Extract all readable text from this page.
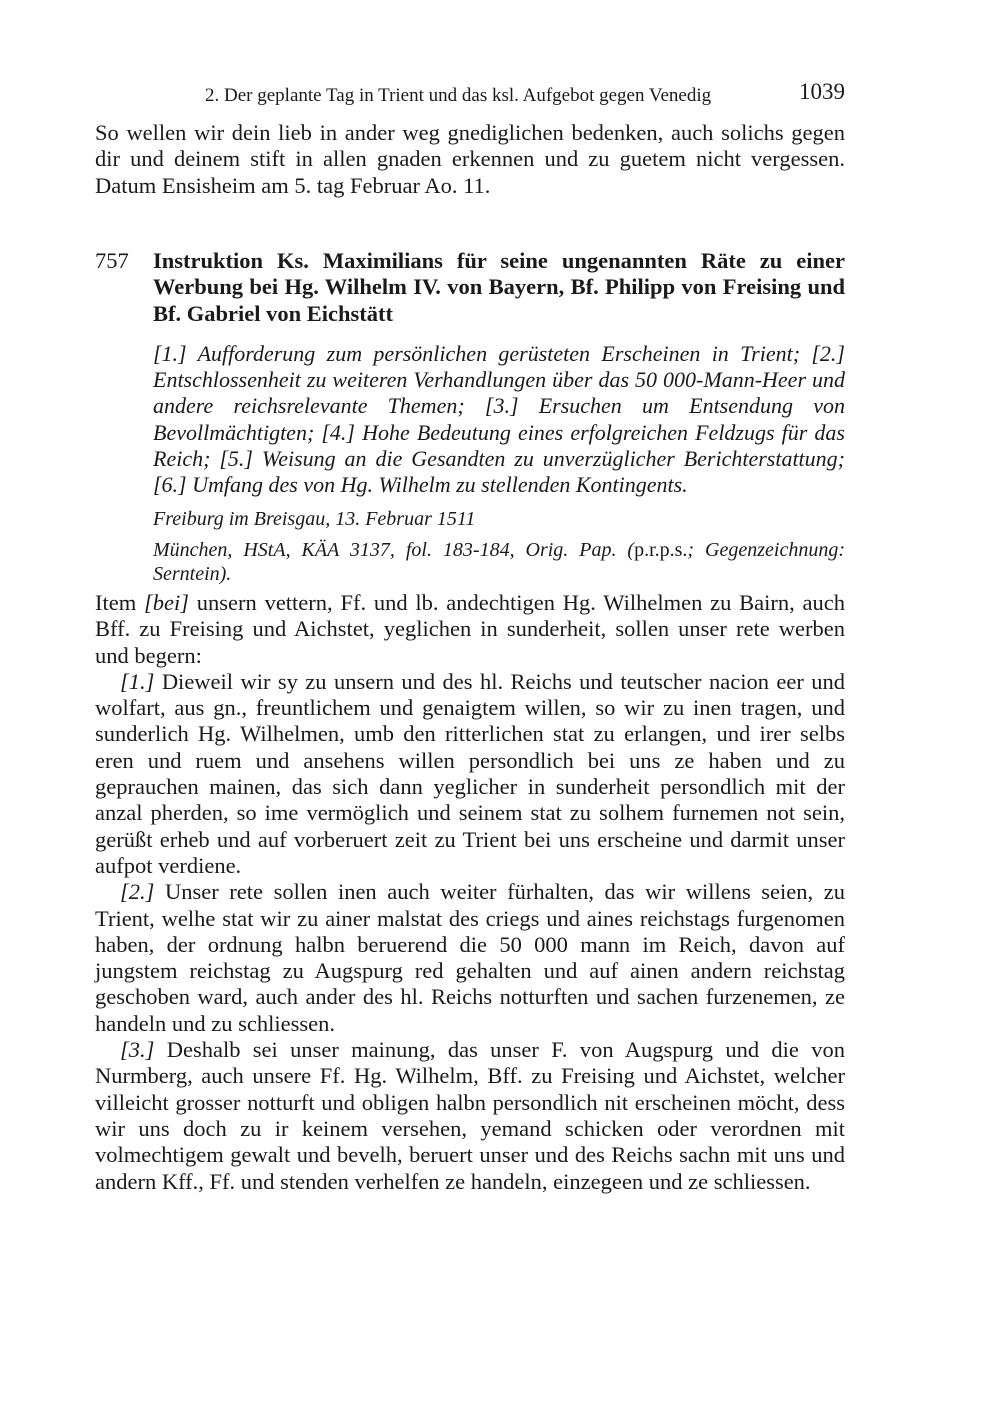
2. Der geplante Tag in Trient und das ksl. Aufgebot gegen Venedig	1039

So wellen wir dein lieb in ander weg gnediglichen bedenken, auch solichs gegen dir und deinem stift in allen gnaden erkennen und zu guetem nicht vergessen. Datum Ensisheim am 5. tag Februar Ao. 11.

757 Instruktion Ks. Maximilians für seine ungenannten Räte zu einer Werbung bei Hg. Wilhelm IV. von Bayern, Bf. Philipp von Freising und Bf. Gabriel von Eichstätt
[1.] Aufforderung zum persönlichen gerüsteten Erscheinen in Trient; [2.] Entschlossenheit zu weiteren Verhandlungen über das 50 000-Mann-Heer und andere reichsrelevante Themen; [3.] Ersuchen um Entsendung von Bevollmächtigten; [4.] Hohe Bedeutung eines erfolgreichen Feldzugs für das Reich; [5.] Weisung an die Gesandten zu unverzüglicher Berichterstattung; [6.] Umfang des von Hg. Wilhelm zu stellenden Kontingents.
Freiburg im Breisgau, 13. Februar 1511
München, HStA, KÄA 3137, fol. 183-184, Orig. Pap. (p.r.p.s.; Gegenzeichnung: Serntein).

Item [bei] unsern vettern, Ff. und lb. andechtigen Hg. Wilhelmen zu Bairn, auch Bff. zu Freising und Aichstet, yeglichen in sunderheit, sollen unser rete werben und begern:

[1.] Dieweil wir sy zu unsern und des hl. Reichs und teutscher nacion eer und wolfart, aus gn., freuntlichem und genaigtem willen, so wir zu inen tragen, und sunderlich Hg. Wilhelmen, umb den ritterlichen stat zu erlangen, und irer selbs eren und ruem und ansehens willen persondlich bei uns ze haben und zu geprauchen mainen, das sich dann yeglicher in sunderheit persondlich mit der anzal pherden, so ime vermöglich und seinem stat zu solhem furnemen not sein, gerüßt erheb und auf vorberuert zeit zu Trient bei uns erscheine und darmit unser aufpot verdiene.

[2.] Unser rete sollen inen auch weiter fürhalten, das wir willens seien, zu Trient, welhe stat wir zu ainer malstat des criegs und aines reichstags furgenomen haben, der ordnung halbn beruerend die 50 000 mann im Reich, davon auf jungstem reichstag zu Augspurg red gehalten und auf ainen andern reichstag geschoben ward, auch ander des hl. Reichs notturften und sachen furzenemen, ze handeln und zu schliessen.

[3.] Deshalb sei unser mainung, das unser F. von Augspurg und die von Nurmberg, auch unsere Ff. Hg. Wilhelm, Bff. zu Freising und Aichstet, welcher villeicht grosser notturft und obligen halbn persondlich nit erscheinen möcht, dess wir uns doch zu ir keinem versehen, yemand schicken oder verordnen mit volmechtigem gewalt und bevelh, beruert unser und des Reichs sachn mit uns und andern Kff., Ff. und stenden verhelfen ze handeln, einzegeen und ze schliessen.
